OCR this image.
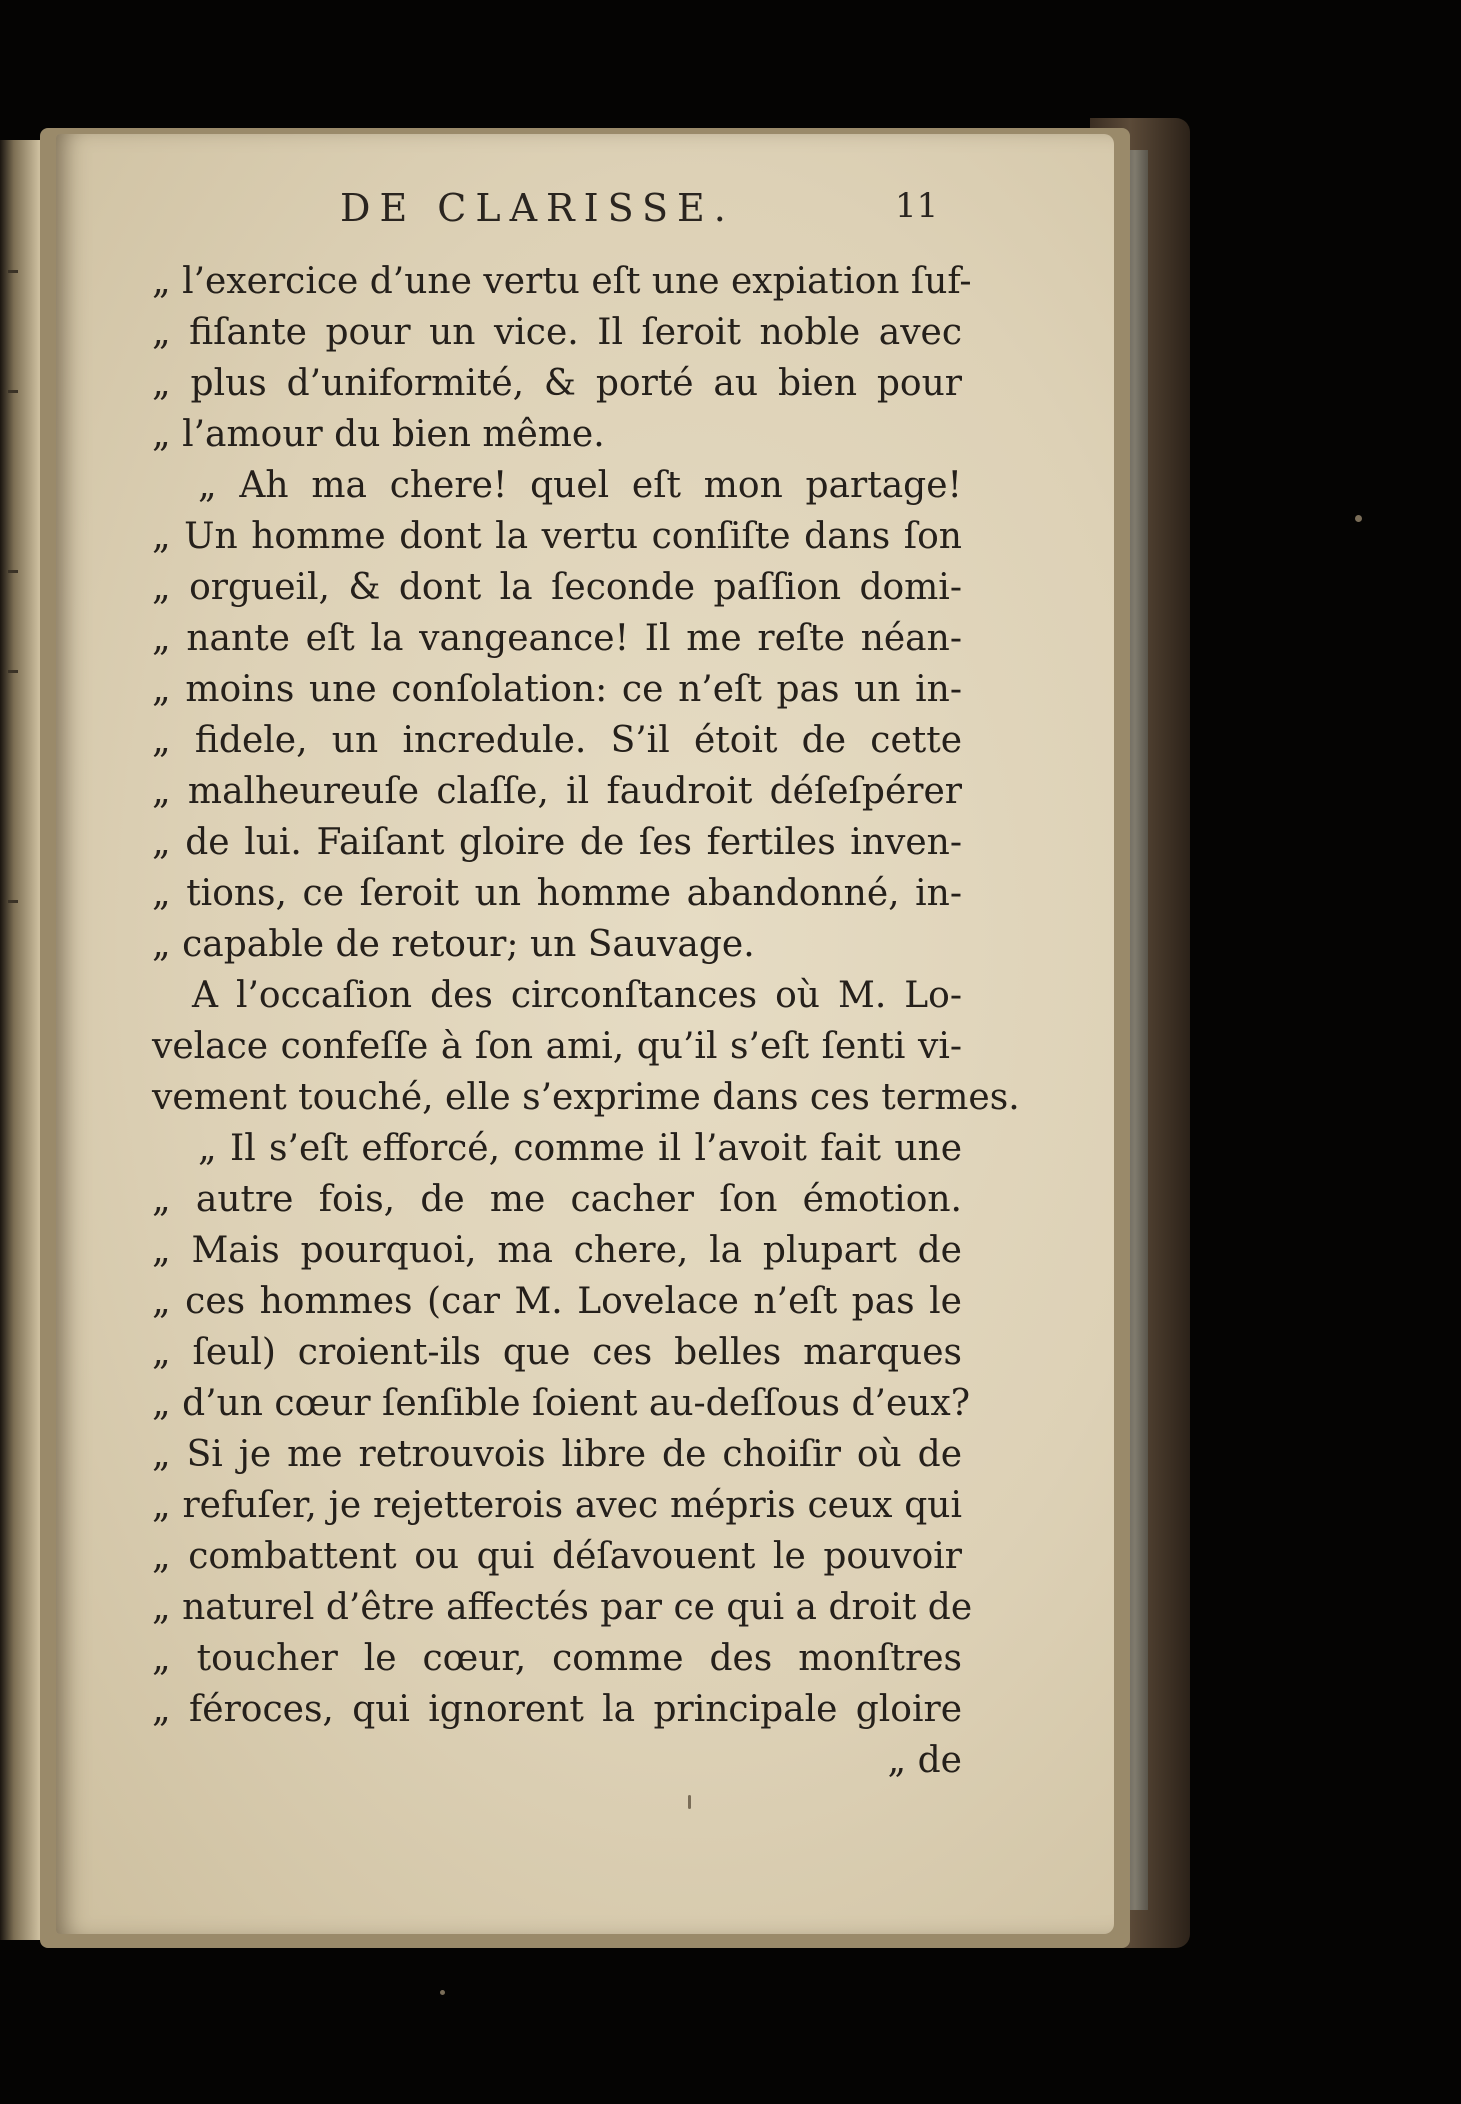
DE CLARISSE.	11
„ l’exercice d’une vertu eſt une expiation ſuf-
„ fiſante pour un vice. Il ſeroit noble avec
„ plus d’uniformité, & porté au bien pour
„ l’amour du bien même.
„ Ah ma chere! quel eſt mon partage!
„ Un homme dont la vertu conſiſte dans ſon
„ orgueil, & dont la ſeconde paſſion domi-
„ nante eſt la vangeance! Il me reſte néan-
„ moins une conſolation: ce n’eſt pas un in-
„ fidele, un incredule. S’il étoit de cette
„ malheureuſe claſſe, il faudroit déſeſpérer
„ de lui. Faiſant gloire de ſes fertiles inven-
„ tions, ce ſeroit un homme abandonné, in-
„ capable de retour; un Sauvage.
A l’occaſion des circonſtances où M. Lo-
velace confeſſe à ſon ami, qu’il s’eſt ſenti vi-
vement touché, elle s’exprime dans ces termes.
„ Il s’eſt efforcé, comme il l’avoit fait une
„ autre fois, de me cacher ſon émotion.
„ Mais pourquoi, ma chere, la plupart de
„ ces hommes (car M. Lovelace n’eſt pas le
„ ſeul) croient-ils que ces belles marques
„ d’un cœur ſenſible ſoient au-deſſous d’eux?
„ Si je me retrouvois libre de choiſir où de
„ refuſer, je rejetterois avec mépris ceux qui
„ combattent ou qui déſavouent le pouvoir
„ naturel d’être affectés par ce qui a droit de
„ toucher le cœur, comme des monſtres
„ féroces, qui ignorent la principale gloire
„ de
